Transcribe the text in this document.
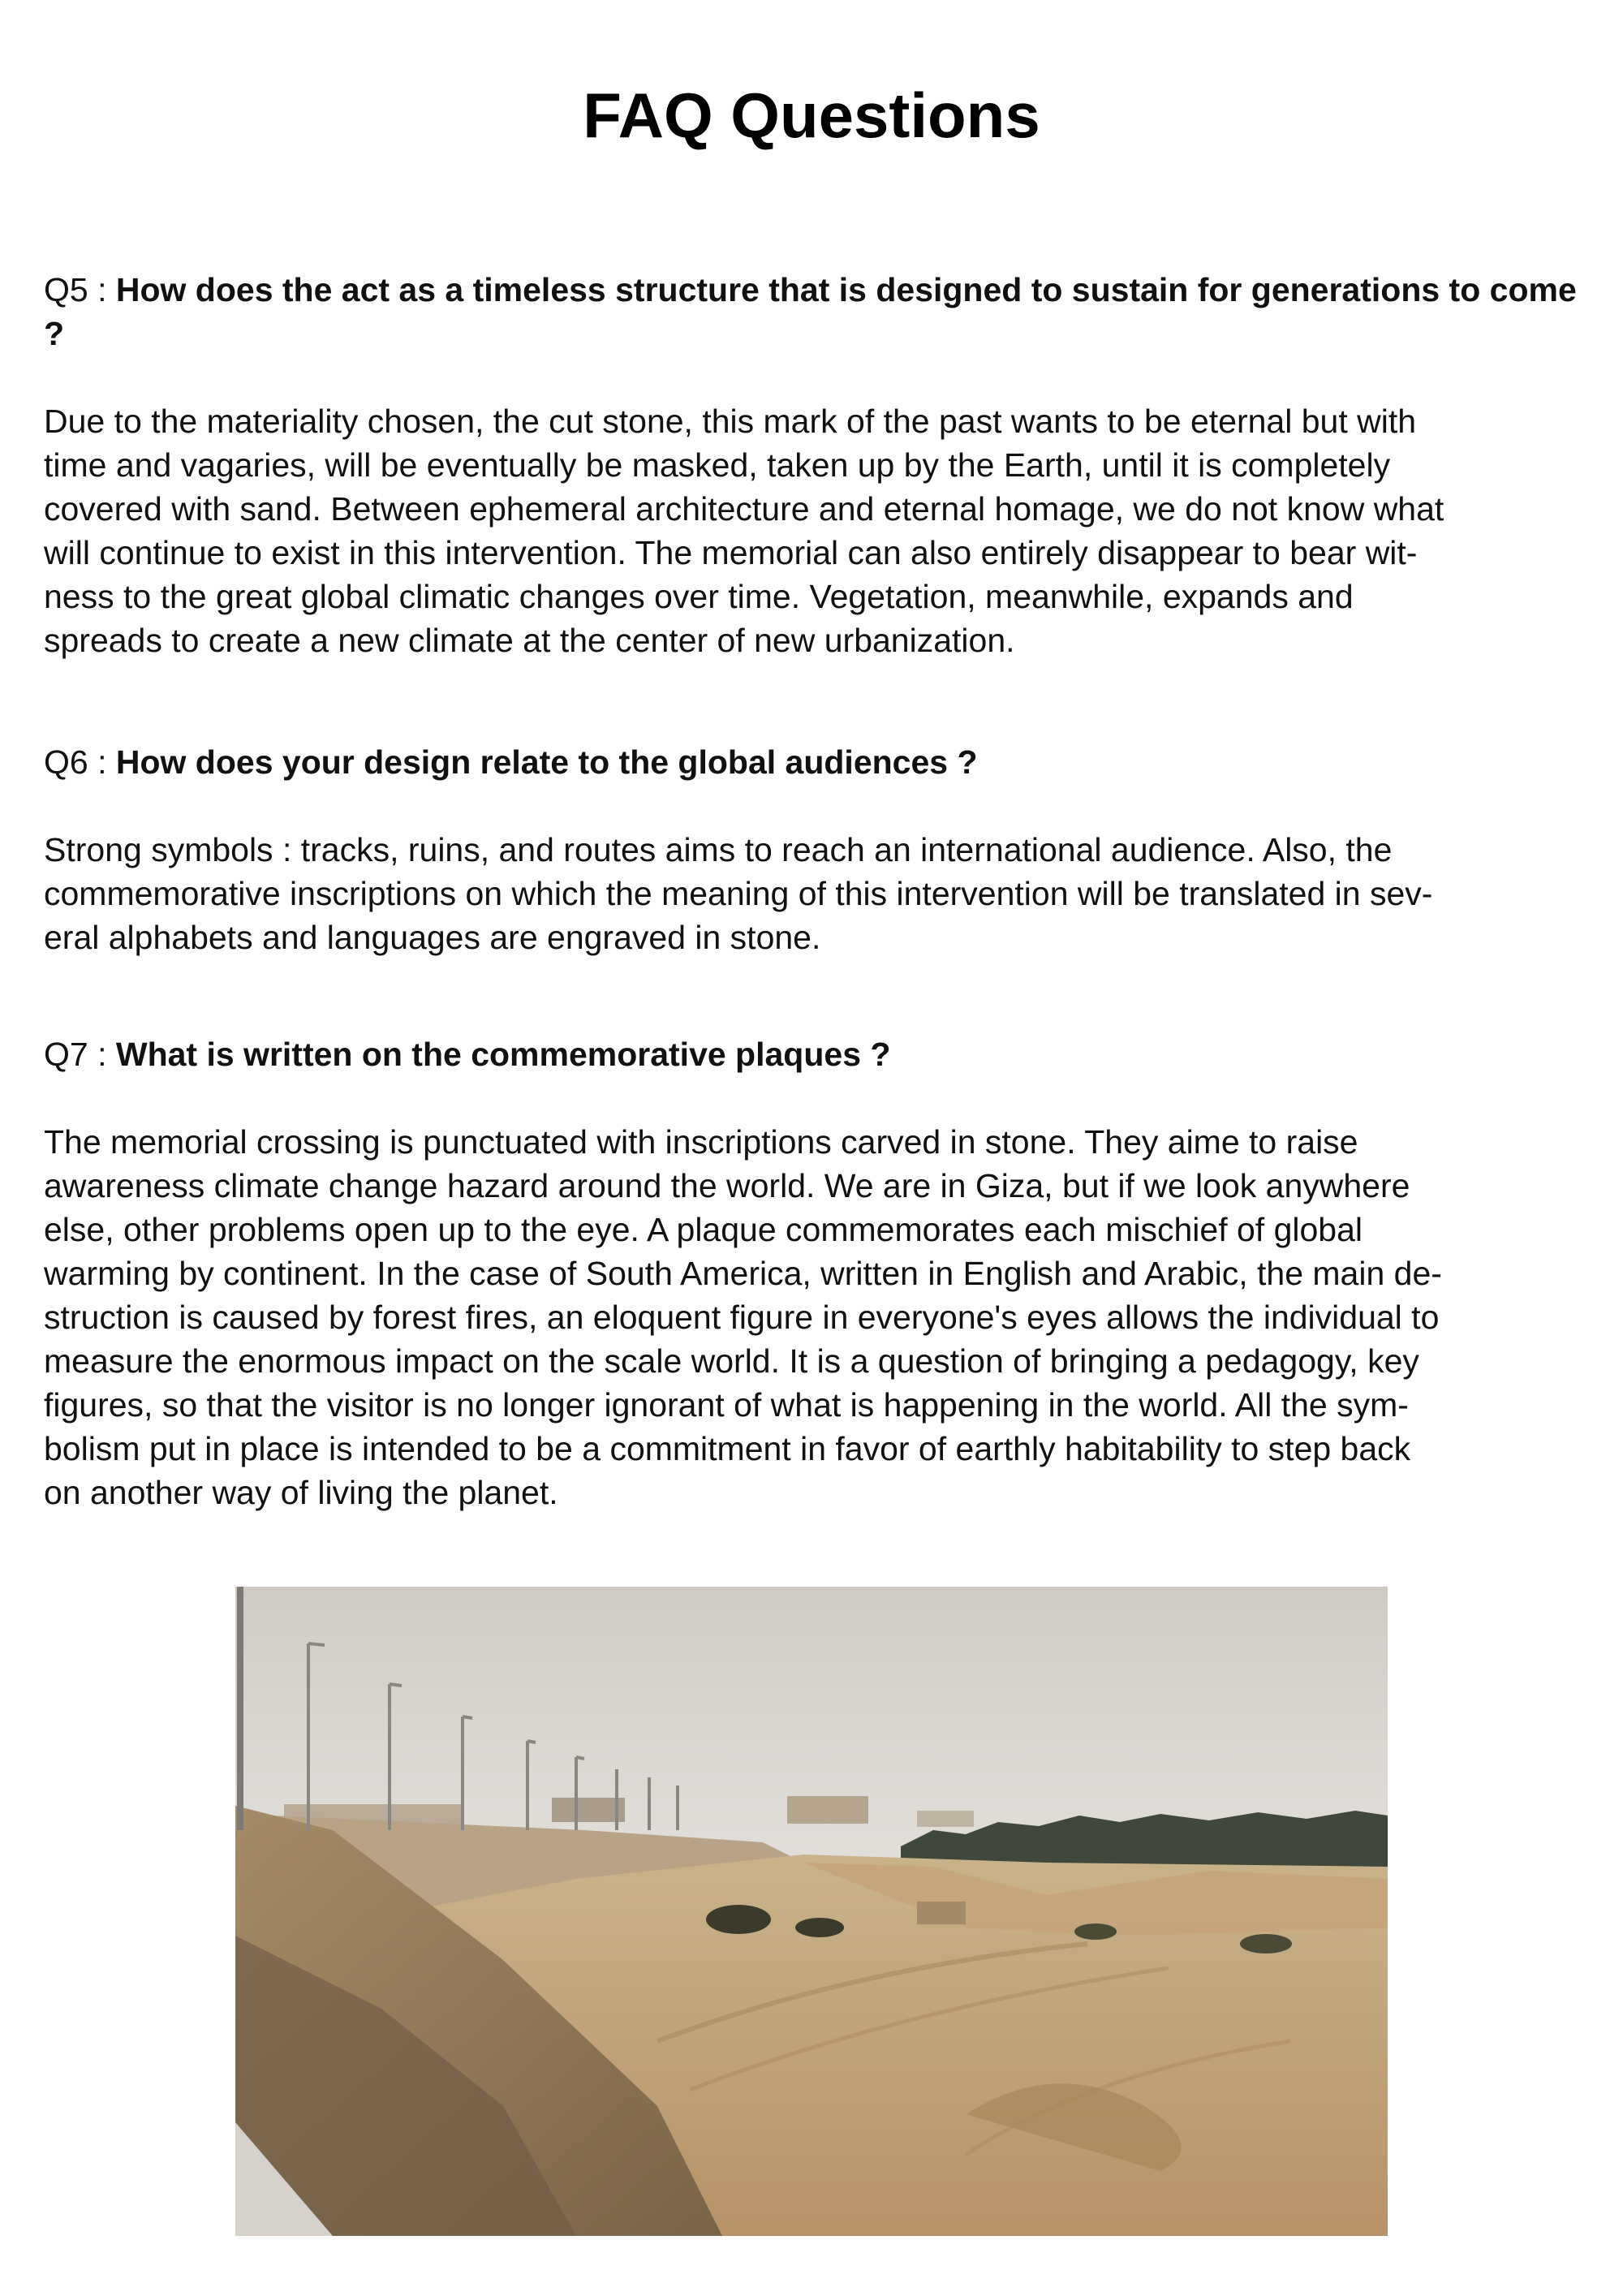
FAQ Questions

Q5 : How does the act as a timeless structure that is designed to sustain for generations to come ?

Due to the materiality chosen, the cut stone, this mark of the past wants to be eternal but with
time and vagaries, will be eventually be masked, taken up by the Earth, until it is completely
covered with sand. Between ephemeral architecture and eternal homage, we do not know what
will continue to exist in this intervention. The memorial can also entirely disappear to bear wit-
ness to the great global climatic changes over time. Vegetation, meanwhile, expands and
spreads to create a new climate at the center of new urbanization.

Q6 : How does your design relate to the global audiences ?

Strong symbols : tracks, ruins, and routes aims to reach an international audience. Also, the
commemorative inscriptions on which the meaning of this intervention will be translated in sev-
eral alphabets and languages are engraved in stone.

Q7 : What is written on the commemorative plaques ?

The memorial crossing is punctuated with inscriptions carved in stone. They aime to raise
awareness climate change hazard around the world. We are in Giza, but if we look anywhere
else, other problems open up to the eye. A plaque commemorates each mischief of global
warming by continent. In the case of South America, written in English and Arabic, the main de-
struction is caused by forest fires, an eloquent figure in everyone's eyes allows the individual to
measure the enormous impact on the scale world. It is a question of bringing a pedagogy, key
figures, so that the visitor is no longer ignorant of what is happening in the world. All the sym-
bolism put in place is intended to be a commitment in favor of earthly habitability to step back
on another way of living the planet.
